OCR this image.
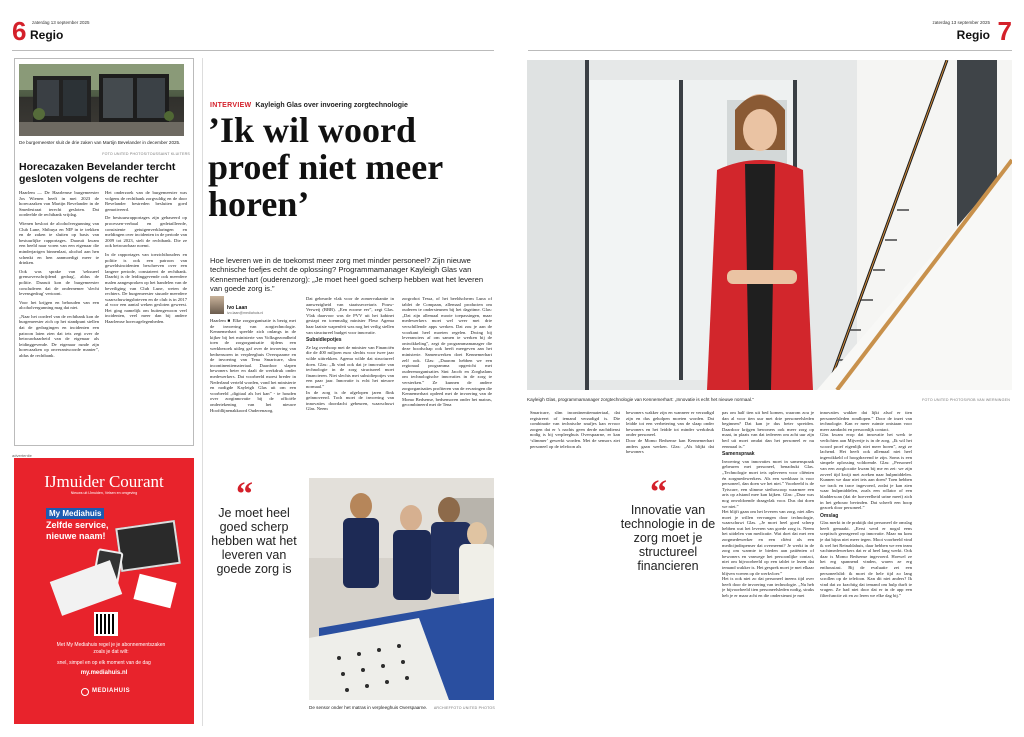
6 Regio
zaterdag 13 september 2025	zaterdag 13 september 2025
Regio 7
De burgemeester sluit de drie zaken van Martijn Bevelander in december 2025.
FOTO UNITED PHOTOS/TOUSSAINT KLUITERS
Horecazaken Bevelander tercht gesloten volgens de rechter

Haarlem — De Haarlemse burgemeester Jos Wienen heeft in mei 2023 de horecazaken van Martijn Bevelander in de Smedestraat terecht gesloten. Dat oordeelde de rechtbank vrijdag.

Wienen besloot de alcoholvergunning van Club Lune, Shibuya en NIP in te trekken en de zaken te sluiten op basis van bestuurlijke rapportages. Daaruit kwam een beeld naar voren van een eigenaar die minderjarigen binnenlaat, alcohol aan hen schenkt en hen aanmoedigt meer te drinken.

Ook was sprake van 'seksueel grensoverschrijdend gedrag', aldus de politie. Daaruit kon de burgemeester concluderen dat de ondernemer 'slecht levensgedrag' vertoont.

Voor het krijgen en behouden van een alcoholvergunning mag dat niet.

„Naar het oordeel van de rechtbank kon de burgemeester zich op het standpunt stellen dat de gedragingen en incidenten een patroon laten zien dat iets zegt over de betrouwbaarheid van de eigenaar als leidinggevende. De eigenaar runde zijn horecazaken op onverantwoorde manier”, aldus de rechtbank.

Het onderzoek van de burgemeester was volgens de rechtbank zorgvuldig en de door Bevelander bestreden besluiten goed gemotiveerd.

De bestuursrapportages zijn gebaseerd op processen-verbaal en gedetailleerde, consistente getuigenverklaringen en meldingen over incidenten in de periode van 2009 tot 2023, stelt de rechtbank. Die ze ook betrouwbaar noemt.

In de rapportages van toezichthouders en politie is ook een patroon van geweldsincidenten beschreven over een langere periode, constateert de rechtbank. Daarbij is de leidinggevende ook meerdere malen aangesproken op het handelen van de beveiliging van Club Lune, weten de rechters. De burgemeester stuurde meerdere waarschuwingsbrieven en de club is in 2017 al voor een aantal weken gesloten geweest. Het ging namelijk om buitengewoon veel incidenten, veel meer dan bij andere Haarlemse horecagelegenheden.

advertentie
IJmuider Courant
Nieuws uit IJmuiden, Velsen en omgeving
My Mediahuis
Zelfde service,
nieuwe naam!
Met My Mediahuis regel je je abonnementszaken zoals je dat wilt:
snel, simpel en op elk moment van de dag
my.mediahuis.nl
MEDIAHUIS
INTERVIEW Kayleigh Glas over invoering zorgtechnologie
’Ik wil woord proef niet meer horen’
Hoe leveren we in de toekomst meer zorg met minder personeel? Zijn nieuwe technische foefjes echt de oplossing? Programmamanager Kayleigh Glas van Kennemerhart (ouderenzorg): „Je moet heel goed scherp hebben wat het leveren van goede zorg is.”
Ivo Laan
ivo.laan@mediahuis.nl
Haarlem ■ Elke zorgorganisatie is bezig met de invoering van zorgtechnologie. Kennemerhart speelde zich onlangs in de kijker bij het ministerie van Volksgezondheid toen de zorgorganisatie tijdens een werkbezoek uitleg gaf over de invoering van bedsensoren in verpleeghuis Overspaarne en de invoering van Tena Smartcare, slim incontinentiemateriaal. Daardoor slapen bewoners beter en daalt de werkdruk onder medewerkers. Dat voorbeeld moest breder in Nederland verteld worden, vond het ministerie en nodigde Kayleigh Glas uit om een voorbeeld „digitaal als het kan” - te houden over zorginnovatie bij de officiële ondertekening van het nieuwe Hoofdlijnenakkoord Ouderenzorg.

Dat gebeurde vlak voor de zomervakantie in aanwezigheid van staatssecretaris Pouw-Verweij (BBB). „Een eoorne eer”, zegt Glas. Vlak daarvoor was de PVV uit het kabinet gestapt en toenmalig minister Fleur Agema haar laatste wapenfeit was nog het veilig stellen van structureel budget voor innovatie.

Subsidiepotjes

Ze lag overhoop met de minister van Financiën die de 400 miljoen euro slechts voor twee jaar wilde uittrekken. Agema wilde dat structureel doen. Glas: „Ik vind ook dat je innovatie van technologie in de zorg structureel moet financieren. Niet slechts met subsidiepotjes van een paar jaar. Innovatie is echt het nieuwe normaal.”
In de zorg is de afgelopen jaren flink geïnnoveerd. Toch moet de invoering van innovaties doordacht gebeuren, waarschuwt Glas. Neem

zorgrobot Tessa, of het beeldscherm Luna of tablet de Compaan, allemaal producten om ouderen te ondersteunen bij het dagritme. Glas: „Dat zijn allemaal mooie toepassingen, maar medewerkers moet wel weer met drie verschillende apps werken. Dat zou je aan de voorkant heel moeten regelen. Dwing bij leveranciers af om samen te werken bij de ontwikkeling”, zegt de programmamanager die deze boodschap ook heeft meegeven aan het ministerie. Samenwerken doet Kennemerhart zelf ook. Glas: „Daarom hebben we een regionaal programma opgericht met ouderenorganisaties Sint Jacob en Zorgbalans om technologische innovaties in de zorg te versterken.” Ze kunnen de andere zorgorganisaties profiteren van de ervaringen die Kennemerhart opdeed met de invoering van de Momo Bedsense, bedsensoren onder het matras, gecombineerd met de Tena
“
Je moet heel goed scherp hebben wat het leveren van goede zorg is
De sensor onder het matras in verpleeghuis Overspaarne.	ARCHIEFFOTO UNITED PHOTOS
Kayleigh Glas, programmamanager zorgtechnologie van Kennemerhart: „Innovatie is echt het nieuwe normaal.”	FOTO UNITED PHOTOS/ROB VAN WERNINGEN
Smartcare, slim incontinentiemateriaal, dat registreert of iemand verzadigd is. Die combinatie van technische snufjes kan ervoor zorgen dat er 's nachts geen derde nachtdienst nodig is bij verpleeghuis Overspaarne, er kan ‘slimmer’ gewerkt worden. Met de sensors ziet personeel op de telefoon als
bewoners wakker zijn en wanneer er verzadigd zijn en dus geholpen moeten worden. Dat leidde tot een verbetering van de slaap onder bewoners en het leidde tot minder werkdruk onder personeel.
Door de Momo Bedsense kan Kennemerhart anders gaan werken. Glas: „Als blijkt dat bewoners
“
Innovatie van technologie in de zorg moet je structureel financieren

pas om half tien uit bed komen, waarom zou je dan al voor tien uur met drie personeelsleden beginnen? Dat kan je dus beter spreiden. Daardoor krijgen bewoners ook meer zorg op maat, in plaats van dat iedereen om acht uur zijn bed uit moet omdat dan het personeel er nu eenmaal is.”

Samenspraak

Invoering van innovaties moet in samenspraak gebeuren met personeel, benadrukt Glas. „Technologie moet iets opleveren voor cliënten én zorgmedewerkers. Als een werkbaar is voor personeel, dan doen we het niet.” Voorbeeld is de Tyiscare, een slimme stethoscoop waarmee een arts op afstand mee kan kijken. Glas: „Daar was nog onvoldoende draagvlak voor. Dus dat doen we niet.”
Het blijft gaan om het leveren van zorg, niet alles moet je willen vervangen door technologie, waarschuwt Glas. „Je moet heel goed scherp hebben wat het leveren van goede zorg is. Neem het uitdelen van medicatie. Wat doet dat met een zorgmedewerker en een cliënt als een medicijndispenser dat overneemt? Je werkt in de zorg om warmte te bieden aan patiënten of bewoners en vanwege het persoonlijke contact, niet om bijvoorbeeld op een tablet te lezen dat iemand wakker is. Het gesprek moet je met elkaar blijven voeren op de werkvloer.”
Het is ook niet zo dat personeel ineens tijd over heeft door de invoering van technologie. „Nu heb je bijvoorbeeld tien personeelsleden nodig, straks heb je er maar acht en die ondersteunt je met

innovaties wakker dat lijkt alsof er tien personeelsleden rondlopen.” Door de inzet van technologie. Kan er meer ruimte ontstaan voor meer aandacht en persoonlijk contact.
Glas kwam erop dat innovatie het werk te verlichten aan Mijverije is in de zorg. „Ik wil het woord proef eigenlijk niet meer horen”, zegt ze lachend. Het heeft ook allemaal niet heel ingewikkeld of hoogdravend te zijn. Soms is een simpele oplossing voldoende. Glas: „Personeel van een zorglocatie kwam bij me en zei: we zijn zoveel tijd kwijt met zoeken naar hulpmiddelen. Kunnen we daar niet iets aan doen? Toen hebben we track en trace ingevoerd, zodat je kan zien waar hulpmiddelen, zoals een rollator of een bladderscan (dat de hoeveelheid urine meet) zich in het gebouw bevinden. Dat scheelt een hoop gezoek door personeel.”

Omslag

Glas merkt in de praktijk dat personeel de omslag heeft gemaakt. „Eerst werd er nogal eens sceptisch gereageerd op innovatie. Maar nu kom je dat bijna niet meer tegen. Mooi voorbeeld vind ik wel het Reinaldahuis, daar hebben we een team vachtmedewerkers dat er al heel lang werkt. Ook daar is Momo Bedsense ingevoerd. Hoewel ze het erg spannend vinden, waren ze erg enthousiast. Bij de evaluatie zei een personeelslid: ik moet de hele tijd zo lang scrollen op de telefoon. Kan dit niet anders? Ik vind dat zo krachtig dat iemand om hulp durft te vragen. Ze had niet door dat er in de app een filterfunctie zit en zo leren we elke dag bij.”
